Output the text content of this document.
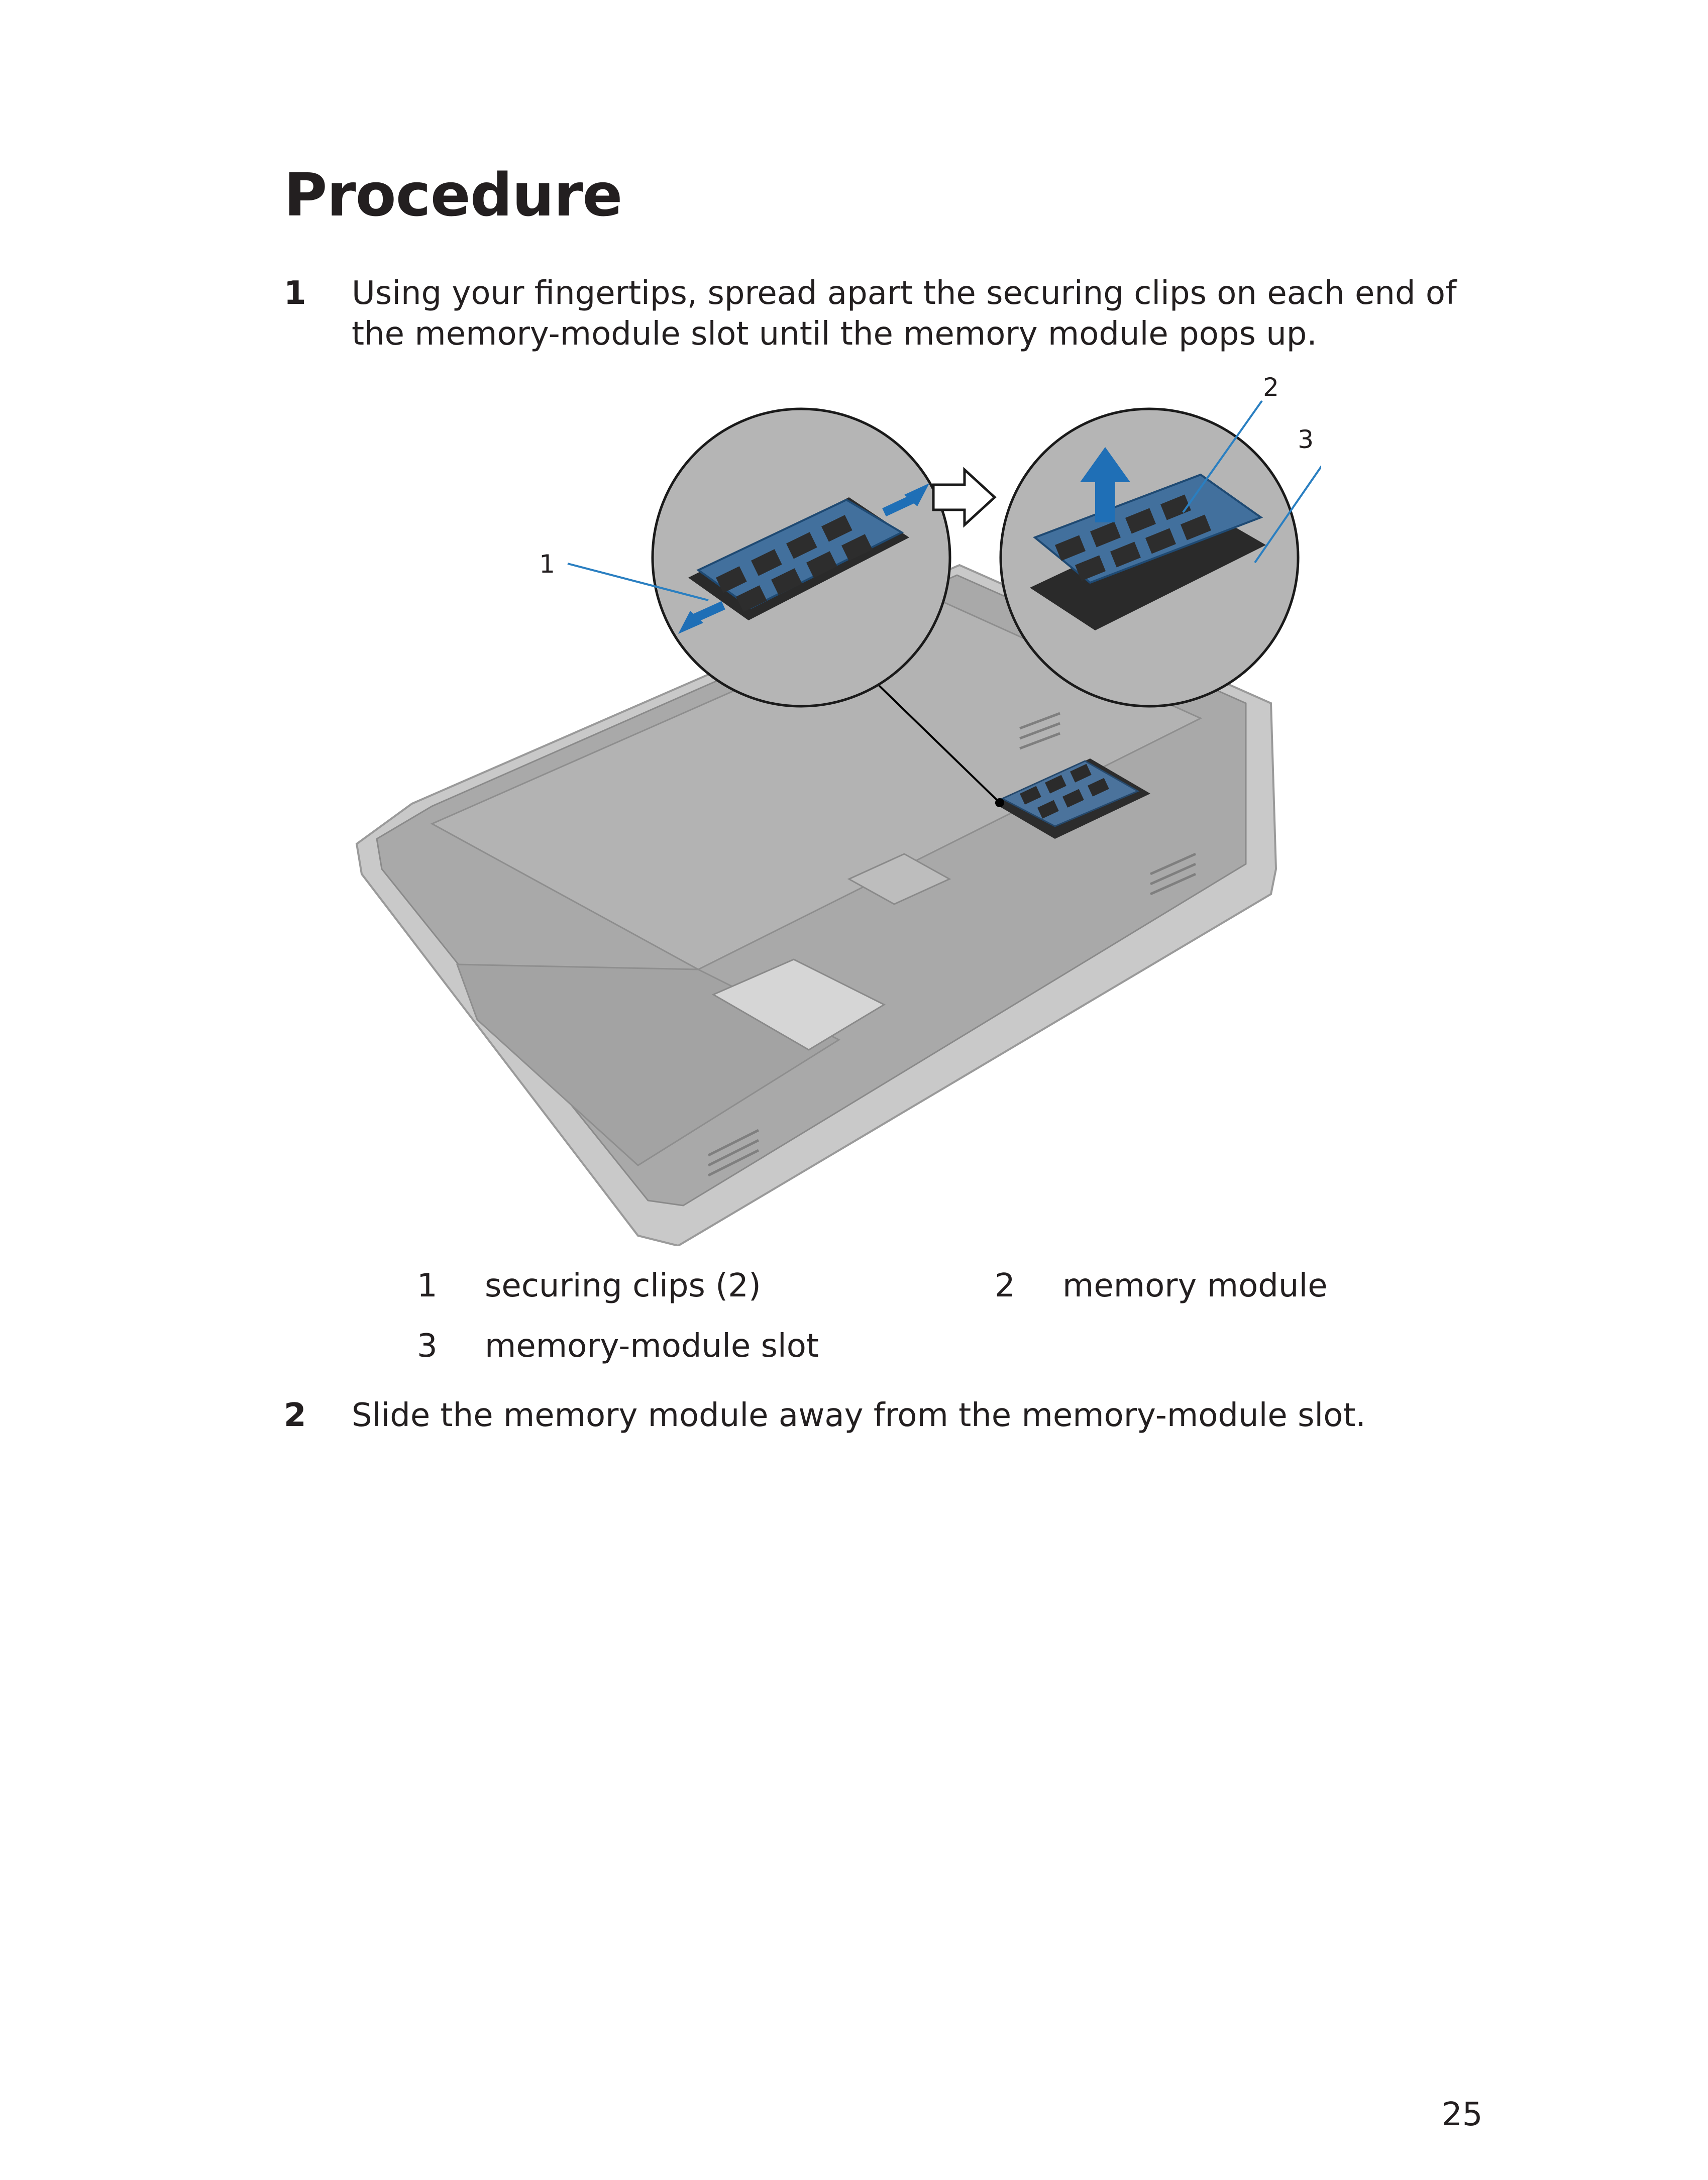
Procedure
1 Using your fingertips, spread apart the securing clips on each end of the memory-module slot until the memory module pops up.
1
2
3
1 securing clips (2)	2 memory module
3 memory-module slot
2 Slide the memory module away from the memory-module slot.
25
